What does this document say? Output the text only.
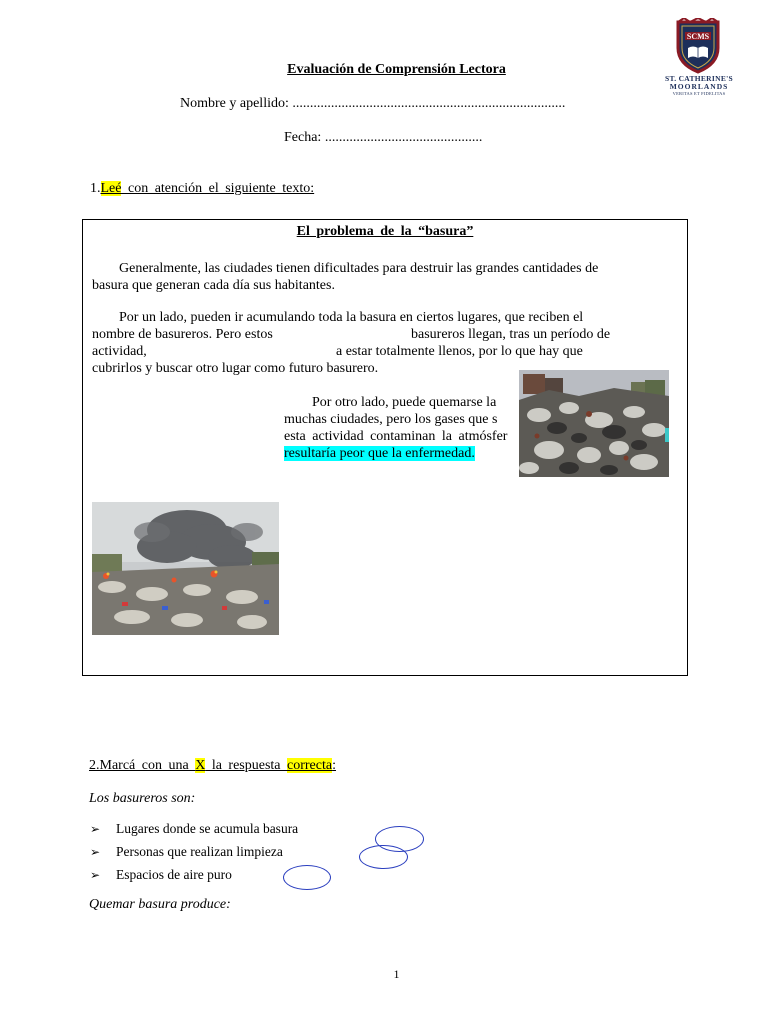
SCMS
ST. CATHERINE'S
MOORLANDS
VERITAS ET FIDELITAS
Evaluación de Comprensión Lectora
Nombre y apellido: ..............................................................................
Fecha: .............................................
1.Leé con atención el siguiente texto:
El problema de la “basura”
Generalmente, las ciudades tienen dificultades para destruir las grandes cantidades de
basura que generan cada día sus habitantes.
Por un lado, pueden ir acumulando toda la basura en ciertos lugares, que reciben el
nombre de basureros. Pero estos	basureros llegan, tras un período de
actividad,	a estar totalmente llenos, por lo que hay que
cubrirlos y buscar otro lugar como futuro basurero.
Por otro lado, puede quemarse la
muchas ciudades, pero los gases que s
esta actividad contaminan la atmósfer
resultaría peor que la enfermedad.
2.Marcá con una X la respuesta correcta:
Los basureros son:
➢ Lugares donde se acumula basura
➢ Personas que realizan limpieza
➢ Espacios de aire puro
Quemar basura produce:
1
